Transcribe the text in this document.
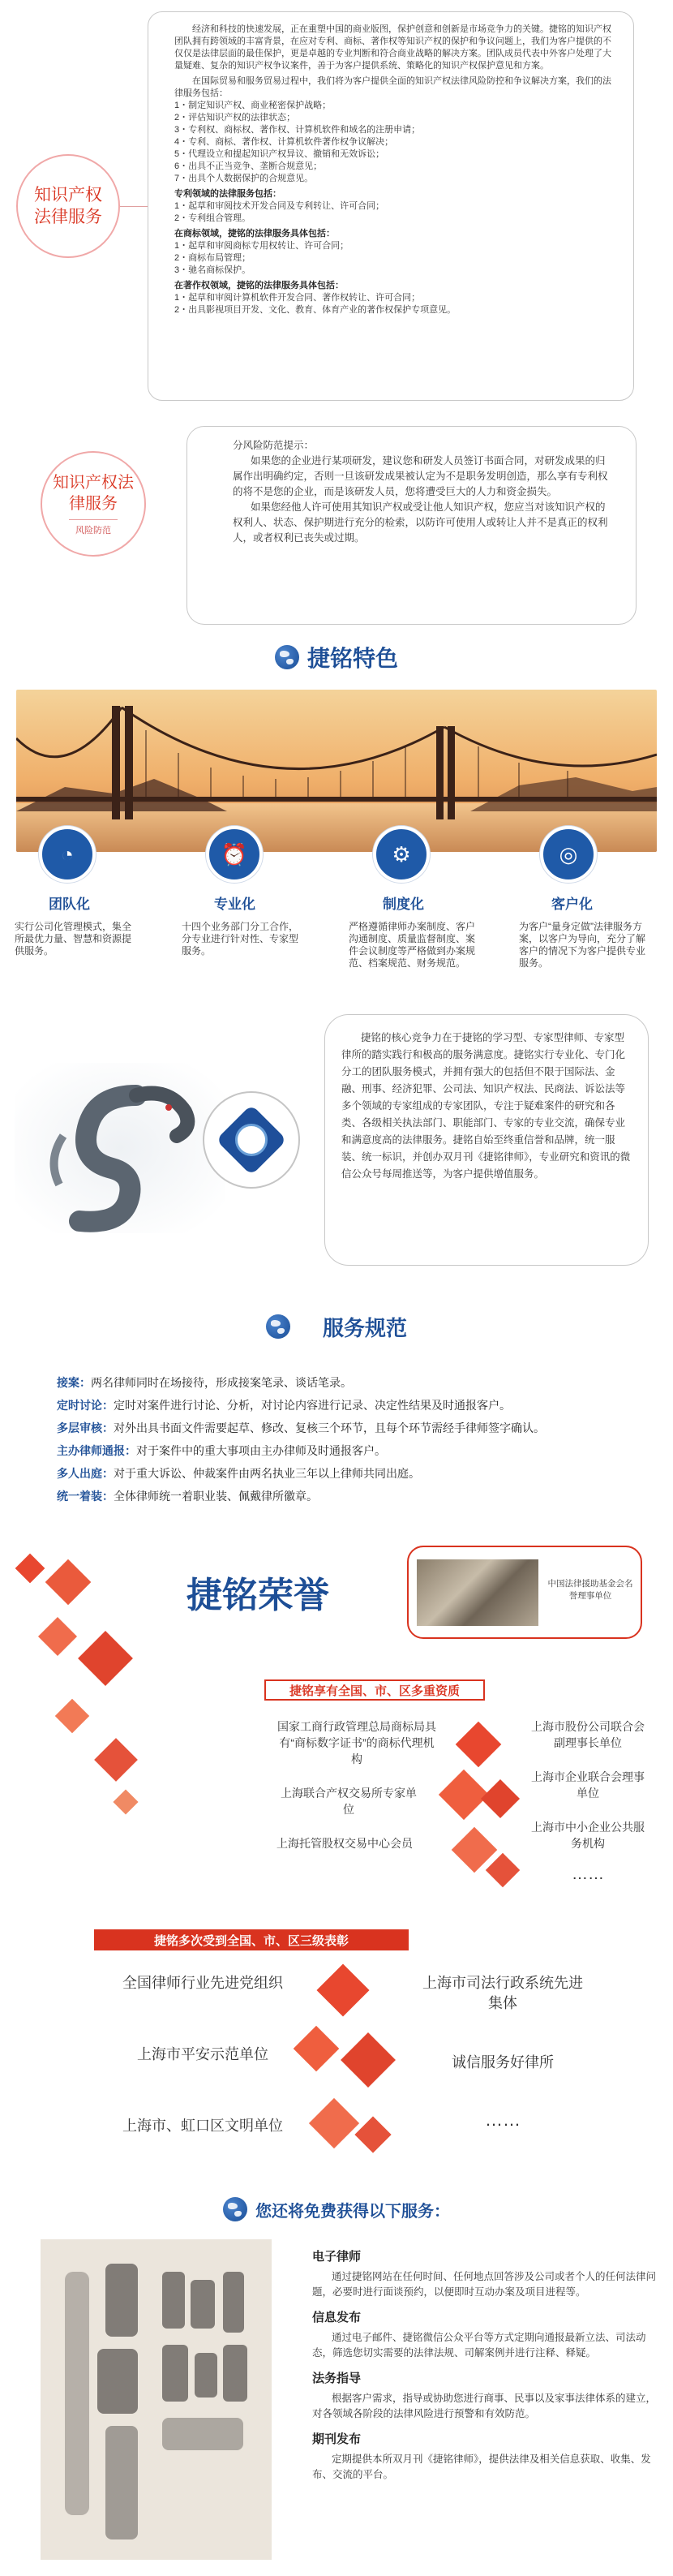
知识产权法律服务

经济和科技的快速发展，正在重塑中国的商业版图，保护创意和创新是市场竞争力的关键。捷铭的知识产权团队拥有跨领域的丰富背景，在应对专利、商标、著作权等知识产权的保护和争议问题上，我们为客户提供的不仅仅是法律层面的最佳保护，更是卓越的专业判断和符合商业战略的解决方案。团队成员代表中外客户处理了大量疑难、复杂的知识产权争议案件，善于为客户提供系统、策略化的知识产权保护意见和方案。

在国际贸易和服务贸易过程中，我们将为客户提供全面的知识产权法律风险防控和争议解决方案，我们的法律服务包括：

1・制定知识产权、商业秘密保护战略；

2・评估知识产权的法律状态；

3・专利权、商标权、著作权、计算机软件和域名的注册申请；

4・专利、商标、著作权、计算机软件著作权争议解决；

5・代理设立和提起知识产权异议、撤销和无效诉讼；

6・出具不正当竞争、垄断合规意见；

7・出具个人数据保护的合规意见。

专利领域的法律服务包括：

1・起草和审阅技术开发合同及专利转让、许可合同；

2・专利组合管理。

在商标领域，捷铭的法律服务具体包括：

1・起草和审阅商标专用权转让、许可合同；

2・商标布局管理；

3・驰名商标保护。

在著作权领域，捷铭的法律服务具体包括：

1・起草和审阅计算机软件开发合同、著作权转让、许可合同；

2・出具影视项目开发、文化、教育、体育产业的著作权保护专项意见。

知识产权法律服务
风险防范

分风险防范提示：

如果您的企业进行某项研发，建议您和研发人员签订书面合同，对研发成果的归属作出明确约定，否则一旦该研发成果被认定为不是职务发明创造，那么享有专利权的将不是您的企业，而是该研发人员，您将遭受巨大的人力和资金损失。

如果您经他人许可使用其知识产权或受让他人知识产权，您应当对该知识产权的权利人、状态、保护期进行充分的检索，以防许可使用人或转让人并不是真正的权利人，或者权利已丧失或过期。

捷铭特色
◔	⏰	⚙	◎
团队化
实行公司化管理模式，集全所最优力量、智慧和资源提供服务。
专业化
十四个业务部门分工合作，分专业进行针对性、专家型服务。
制度化
严格遵循律师办案制度、客户沟通制度、质量监督制度、案件会议制度等严格做到办案规范、档案规范、财务规范。
客户化
为客户“量身定做”法律服务方案，以客户为导向，充分了解客户的情况下为客户提供专业服务。

捷铭的核心竞争力在于捷铭的学习型、专家型律师、专家型律所的踏实践行和极高的服务满意度。捷铭实行专业化、专门化分工的团队服务模式，并拥有强大的包括但不限于国际法、金融、刑事、经济犯罪、公司法、知识产权法、民商法、诉讼法等多个领域的专家组成的专家团队，专注于疑难案件的研究和各类、各级相关执法部门、职能部门、专家的专业交流，确保专业和满意度高的法律服务。捷铭自始至终重信誉和品牌，统一服装、统一标识，并创办双月刊《捷铭律师》，专业研究和资讯的微信公众号每周推送等，为客户提供增值服务。

服务规范
接案：两名律师同时在场接待，形成接案笔录、谈话笔录。
定时讨论：定时对案件进行讨论、分析，对讨论内容进行记录、决定性结果及时通报客户。
多层审核：对外出具书面文件需要起草、修改、复核三个环节，且每个环节需经手律师签字确认。
主办律师通报：对于案件中的重大事项由主办律师及时通报客户。
多人出庭：对于重大诉讼、仲裁案件由两名执业三年以上律师共同出庭。
统一着装：全体律师统一着职业装、佩戴律所徽章。
捷铭荣誉	中国法律援助基金会名誉理事单位
捷铭享有全国、市、区多重资质
国家工商行政管理总局商标局具有“商标数字证书”的商标代理机构
上海联合产权交易所专家单位
上海托管股权交易中心会员
上海市股份公司联合会副理事长单位
上海市企业联合会理事单位
上海市中小企业公共服务机构
……
捷铭多次受到全国、市、区三级表彰
全国律师行业先进党组织
上海市平安示范单位
上海市、虹口区文明单位
上海市司法行政系统先进集体
诚信服务好律所
……
您还将免费获得以下服务：
电子律师
通过捷铭网站在任何时间、任何地点回答涉及公司或者个人的任何法律问题，必要时进行面谈预约，以便即时互动办案及项目进程等。
信息发布
通过电子邮件、捷铭微信公众平台等方式定期向通报最新立法、司法动态，筛选您切实需要的法律法规、司解案例并进行注释、释疑。
法务指导
根据客户需求，指导或协助您进行商事、民事以及家事法律体系的建立，对各领域各阶段的法律风险进行预警和有效防范。
期刊发布
定期提供本所双月刊《捷铭律师》，提供法律及相关信息获取、收集、发布、交流的平台。
